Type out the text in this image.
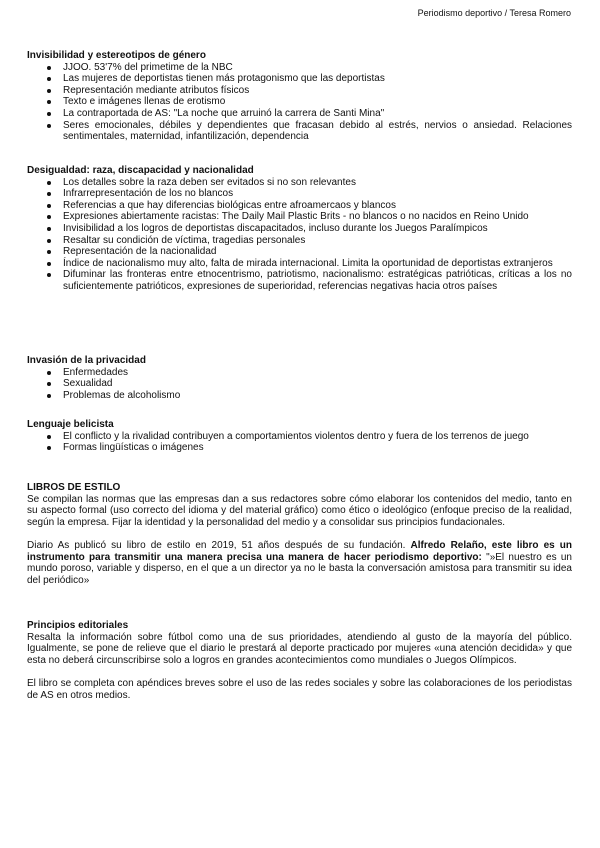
Periodismo deportivo / Teresa Romero
Invisibilidad y estereotipos de género
JJOO. 53'7% del primetime de la NBC
Las mujeres de deportistas tienen más protagonismo que las deportistas
Representación mediante atributos físicos
Texto e imágenes llenas de erotismo
La contraportada de AS: "La noche que arruinó la carrera de Santi Mina"
Seres emocionales, débiles y dependientes que fracasan debido al estrés, nervios o ansiedad. Relaciones sentimentales, maternidad, infantilización, dependencia
Desigualdad: raza, discapacidad y nacionalidad
Los detalles sobre la raza deben ser evitados si no son relevantes
Infrarrepresentación de los no blancos
Referencias a que hay diferencias biológicas entre afroamercaos y blancos
Expresiones abiertamente racistas: The Daily Mail Plastic Brits - no blancos o no nacidos en Reino Unido
Invisibilidad a los logros de deportistas discapacitados, incluso durante los Juegos Paralímpicos
Resaltar su condición de víctima, tragedias personales
Representación de la nacionalidad
Índice de nacionalismo muy alto, falta de mirada internacional. Limita la oportunidad de deportistas extranjeros
Difuminar las fronteras entre etnocentrismo, patriotismo, nacionalismo: estratégicas patrióticas, críticas a los no suficientemente patrióticos, expresiones de superioridad, referencias negativas hacia otros países
Invasión de la privacidad
Enfermedades
Sexualidad
Problemas de alcoholismo
Lenguaje belicista
El conflicto y la rivalidad contribuyen a comportamientos violentos dentro y fuera de los terrenos de juego
Formas lingüísticas o imágenes
LIBROS DE ESTILO

Se compilan las normas que las empresas dan a sus redactores sobre cómo elaborar los contenidos del medio, tanto en su aspecto formal (uso correcto del idioma y del material gráfico) como ético o ideológico (enfoque preciso de la realidad, según la empresa. Fijar la identidad y la personalidad del medio y a consolidar sus principios fundacionales.

Diario As publicó su libro de estilo en 2019, 51 años después de su fundación. Alfredo Relaño, este libro es un instrumento para transmitir una manera precisa una manera de hacer periodismo deportivo: "»El nuestro es un mundo poroso, variable y disperso, en el que a un director ya no le basta la conversación amistosa para transmitir su idea del periódico»

Principios editoriales

Resalta la información sobre fútbol como una de sus prioridades, atendiendo al gusto de la mayoría del público. Igualmente, se pone de relieve que el diario le prestará al deporte practicado por mujeres «una atención decidida» y que esta no deberá circunscribirse solo a logros en grandes acontecimientos como mundiales o Juegos Olímpicos.

El libro se completa con apéndices breves sobre el uso de las redes sociales y sobre las colaboraciones de los periodistas de AS en otros medios.
